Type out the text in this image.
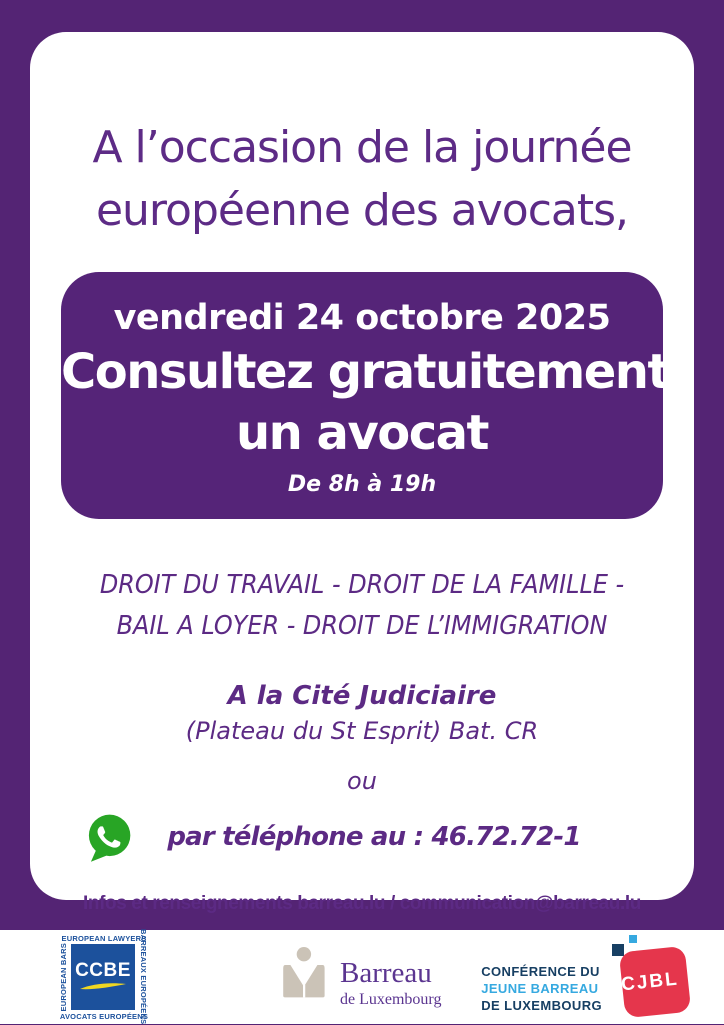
A l’occasion de la journée
européenne des avocats,
vendredi 24 octobre 2025
Consultez gratuitement
un avocat
De 8h à 19h
DROIT DU TRAVAIL - DROIT DE LA FAMILLE -
BAIL A LOYER - DROIT DE L’IMMIGRATION
A la Cité Judiciaire
(Plateau du St Esprit) Bat. CR
ou
par téléphone au : 46.72.72-1
Infos et renseignements barreau.lu / communication@barreau.lu
EUROPEAN LAWYERS
EUROPEAN BARS	BARREAUX EUROPÉENS
AVOCATS EUROPÉENS
CCBE	Barreau
de Luxembourg
CONFÉRENCE DU
JEUNE BARREAU
DE LUXEMBOURG
CJBL
